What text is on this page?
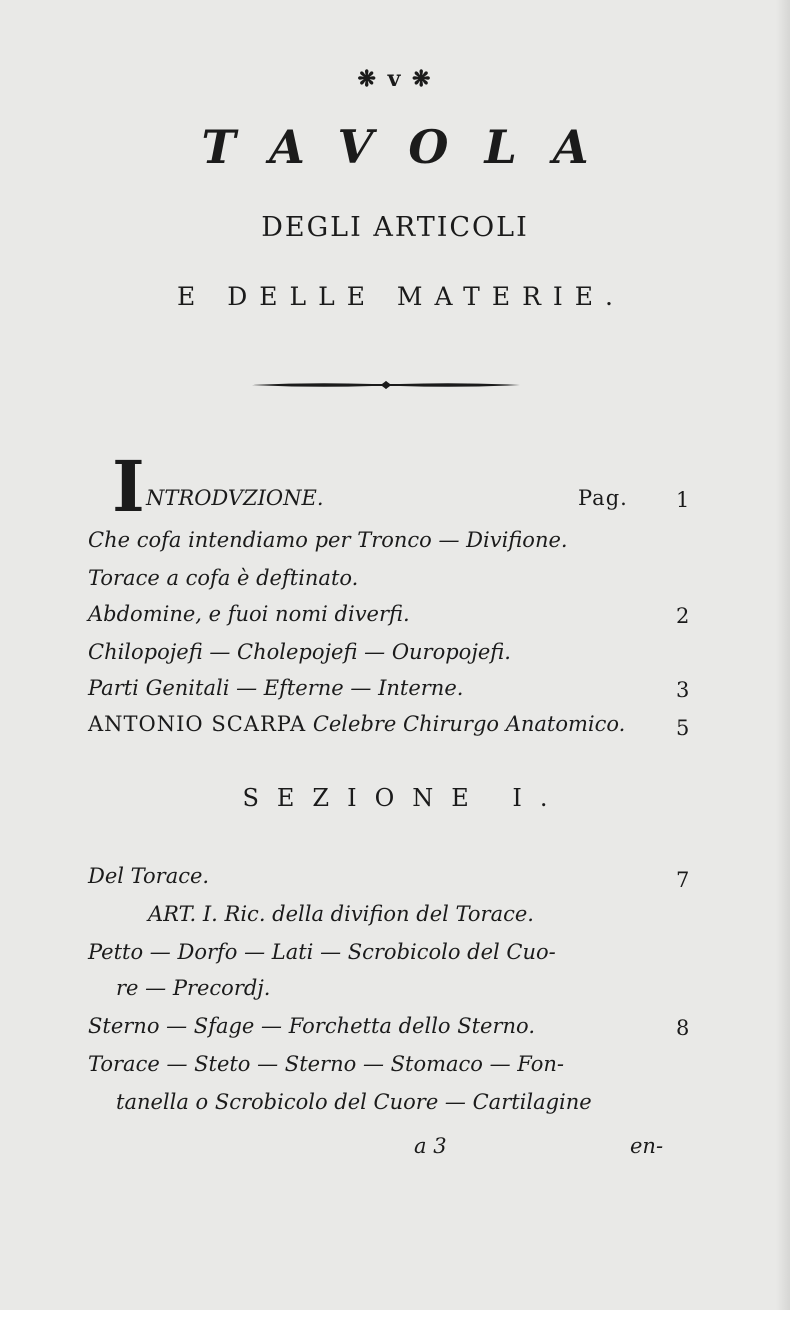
❋ v ❋
TAVOLA
DEGLI ARTICOLI
E DELLE MATERIE.
I NTRODVZIONE.	Pag. 1
Che cofa intendiamo per Tronco — Divifione.
Torace a cofa è deftinato.
Abdomine, e fuoi nomi diverfi.	2
Chilopojefi — Cholepojefi — Ouropojefi.
Parti Genitali — Efterne — Interne.	3
ANTONIO SCARPA Celebre Chirurgo Anatomico. 5
SEZIONE I.
Del Torace.	7
ART. I. Ric. della divifion del Torace.
Petto — Dorfo — Lati — Scrobicolo del Cuo-
re — Precordj.
Sterno — Sfage — Forchetta dello Sterno.	8
Torace — Steto — Sterno — Stomaco — Fon-
tanella o Scrobicolo del Cuore — Cartilagine
a 3	en-
